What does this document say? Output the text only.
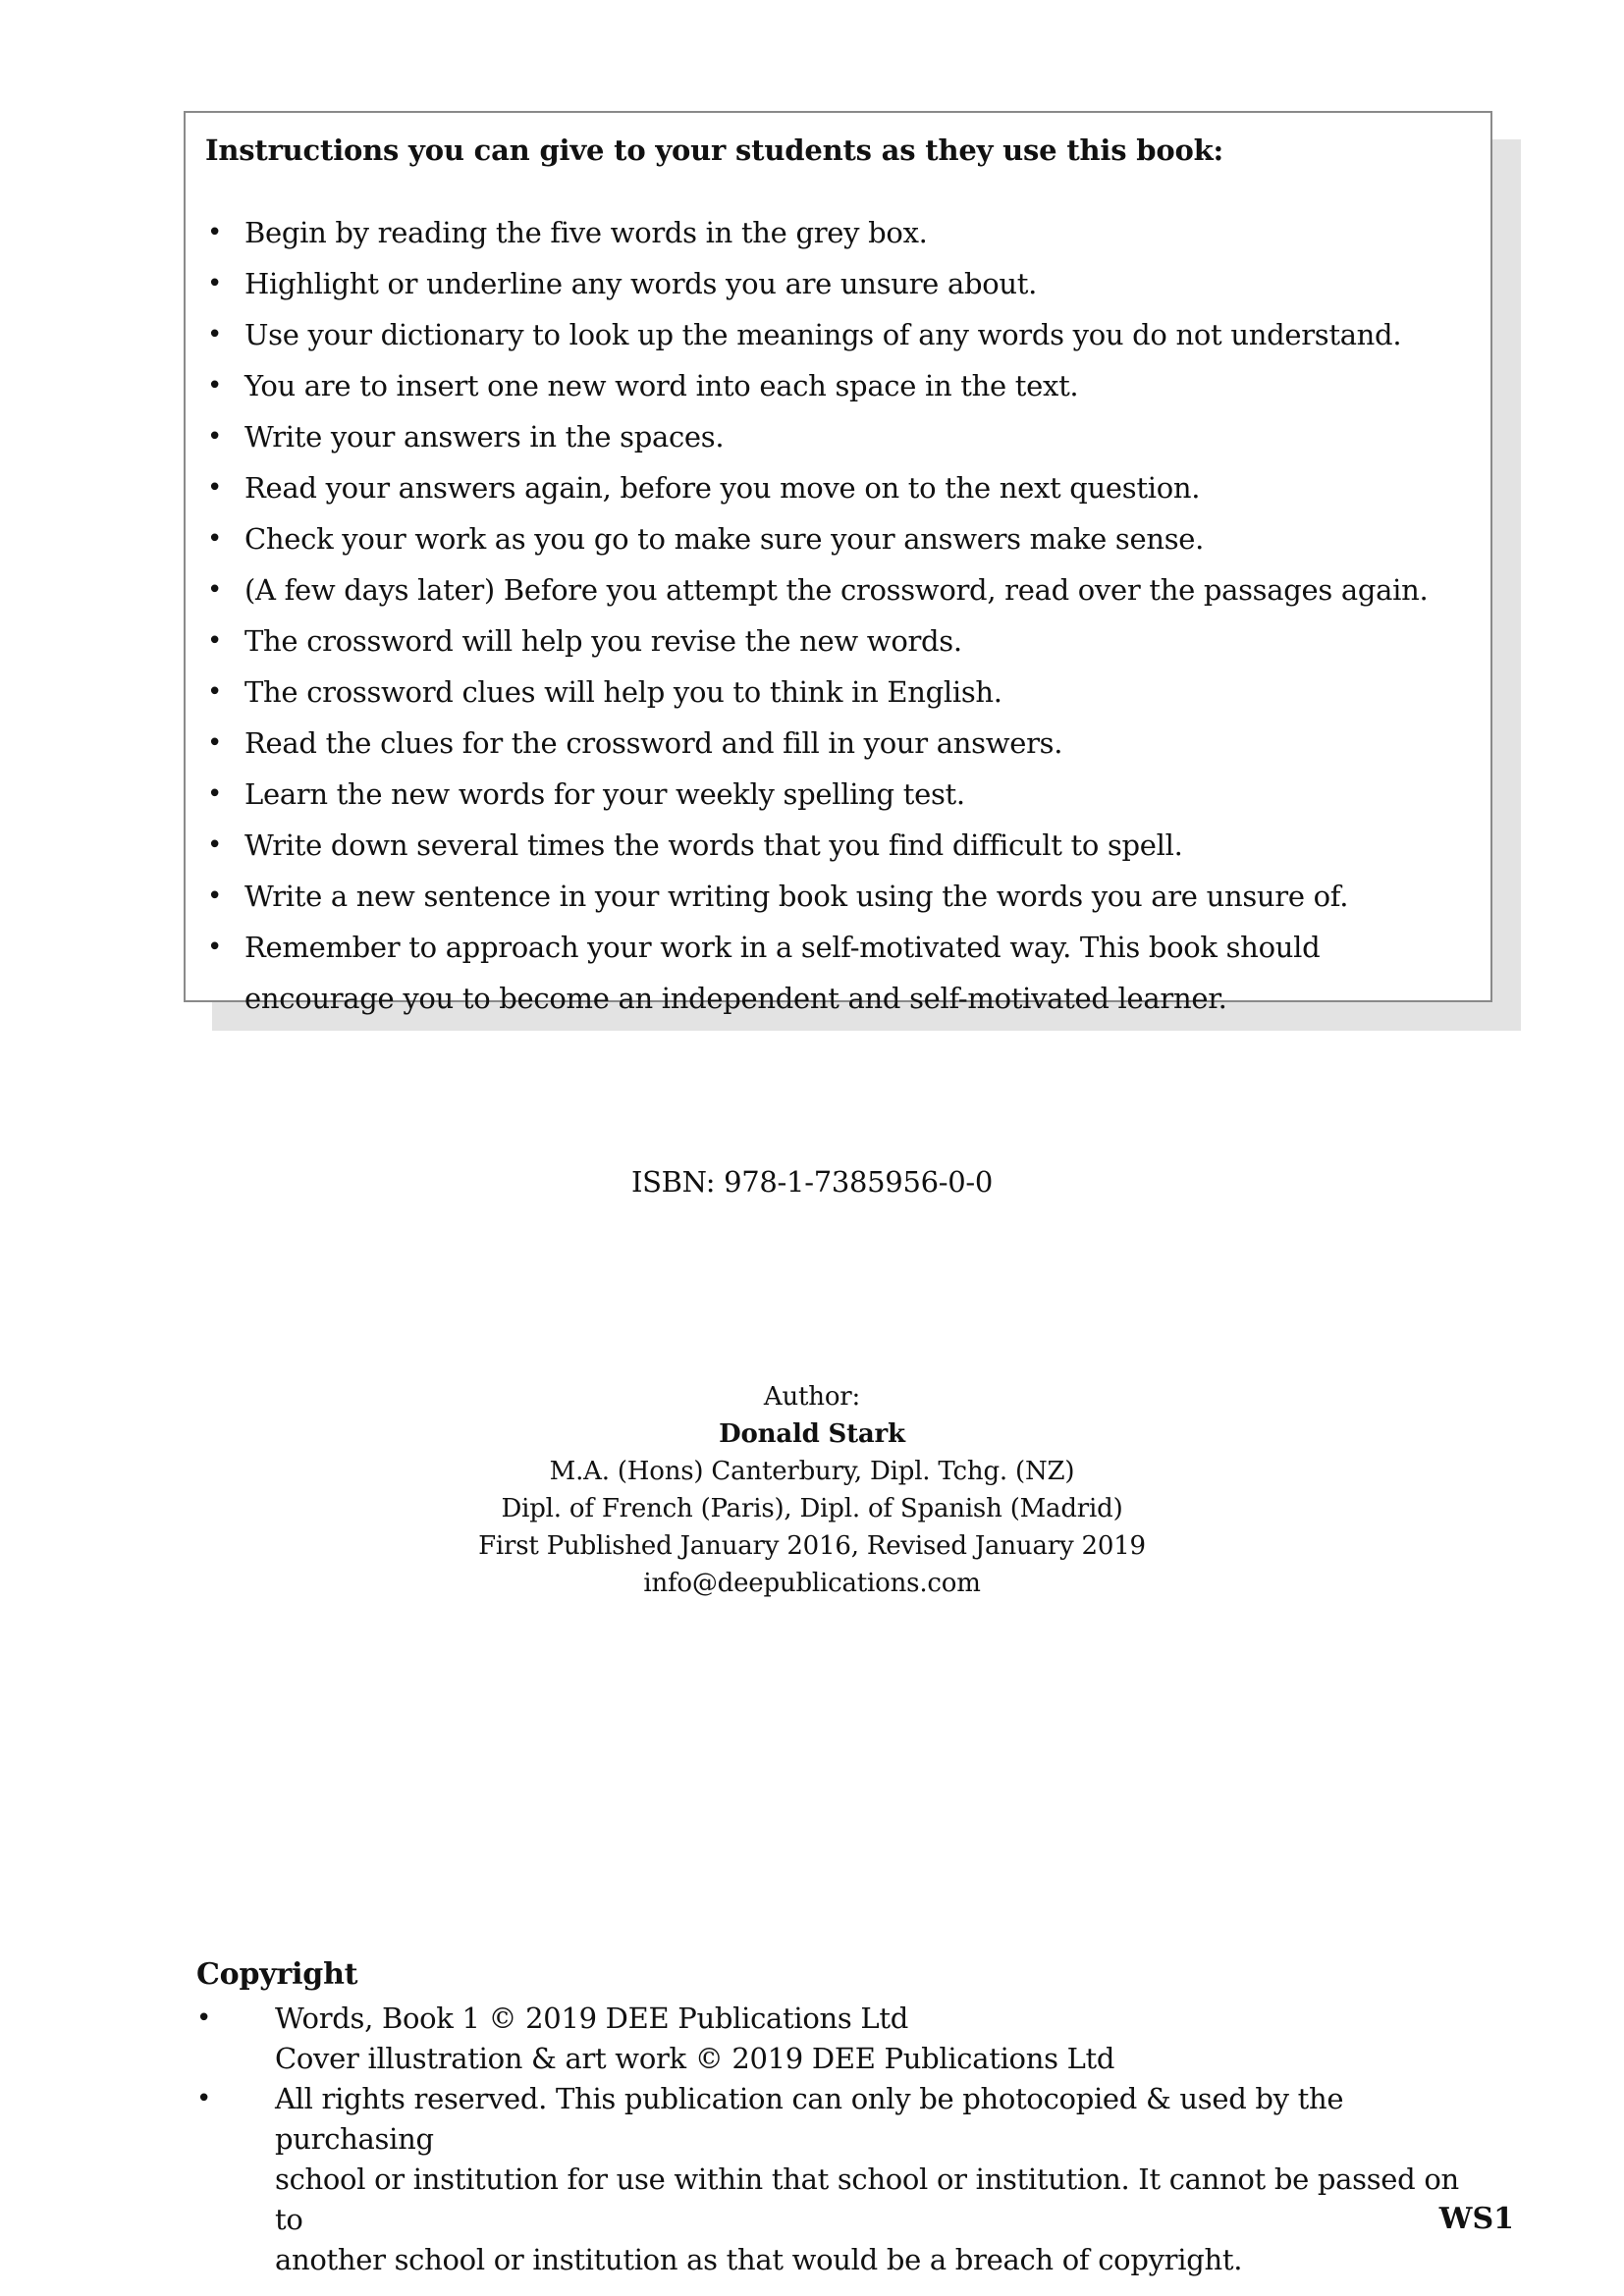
Instructions you can give to your students as they use this book:
• Begin by reading the five words in the grey box.
• Highlight or underline any words you are unsure about.
• Use your dictionary to look up the meanings of any words you do not understand.
• You are to insert one new word into each space in the text.
• Write your answers in the spaces.
• Read your answers again, before you move on to the next question.
• Check your work as you go to make sure your answers make sense.
• (A few days later) Before you attempt the crossword, read over the passages again.
• The crossword will help you revise the new words.
• The crossword clues will help you to think in English.
• Read the clues for the crossword and fill in your answers.
• Learn the new words for your weekly spelling test.
• Write down several times the words that you find difficult to spell.
• Write a new sentence in your writing book using the words you are unsure of.
• Remember to approach your work in a self-motivated way. This book should encourage you to become an independent and self-motivated learner.
ISBN: 978-1-7385956-0-0
Author:
Donald Stark
M.A. (Hons) Canterbury, Dipl. Tchg. (NZ)
Dipl. of French (Paris), Dipl. of Spanish (Madrid)
First Published January 2016, Revised January 2019
info@deepublications.com
Copyright
• Words, Book 1 © 2019 DEE Publications Ltd
Cover illustration & art work © 2019 DEE Publications Ltd
• All rights reserved. This publication can only be photocopied & used by the purchasing
school or institution for use within that school or institution. It cannot be passed on to
another school or institution as that would be a breach of copyright.
WS1
